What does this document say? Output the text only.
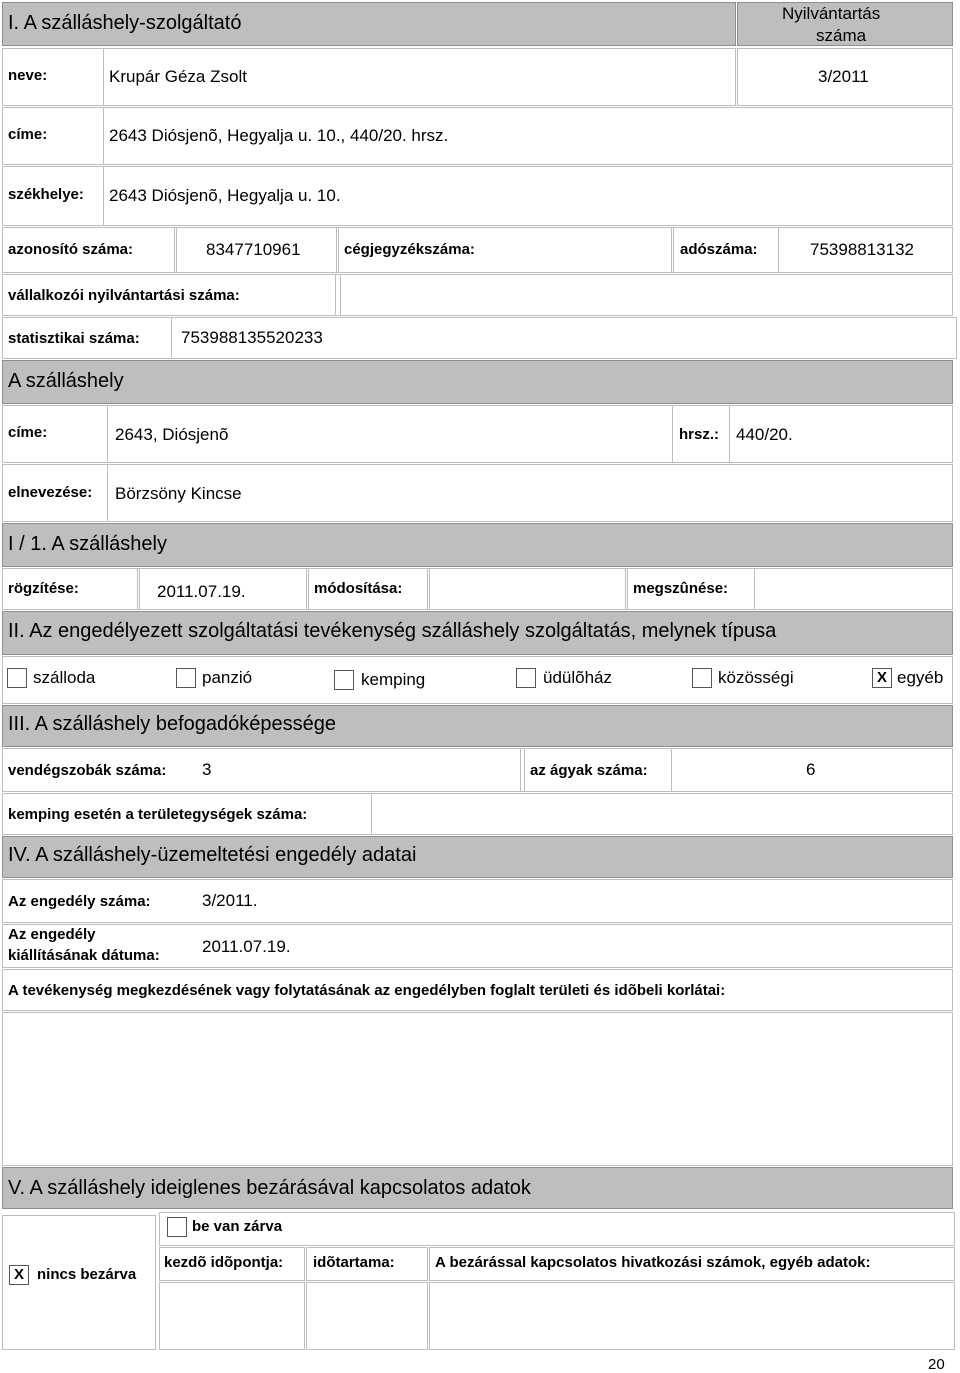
I. A szálláshely-szolgáltató	Nyilvántartás
száma
neve:	Krupár Géza Zsolt	3/2011
címe:	2643 Diósjenõ, Hegyalja u. 10., 440/20. hrsz.
székhelye: 2643 Diósjenõ, Hegyalja u. 10.
azonosító száma:	8347710961	cégjegyzékszáma:	adószáma:	75398813132
vállalkozói nyilvántartási száma:
statisztikai száma: 753988135520233
A szálláshely
címe:	2643, Diósjenõ	hrsz.: 440/20.
elnevezése: Börzsöny Kincse
I / 1. A szálláshely
rögzítése:	2011.07.19.	módosítása:	megszûnése:
II. Az engedélyezett szolgáltatási tevékenység szálláshely szolgáltatás, melynek típusa
szálloda	panzió	kemping	üdülõház	közösségi	X egyéb
III. A szálláshely befogadóképessége
vendégszobák száma: 3	az ágyak száma:	6
kemping esetén a területegységek száma:
IV. A szálláshely-üzemeltetési engedély adatai
Az engedély száma:	3/2011.
Az engedély
kiállításának dátuma: 2011.07.19.
A tevékenység megkezdésének vagy folytatásának az engedélyben foglalt területi és idõbeli korlátai:
V. A szálláshely ideiglenes bezárásával kapcsolatos adatok
X nincs bezárva
be van zárva
kezdõ idõpontja: idõtartama:	A bezárással kapcsolatos hivatkozási számok, egyéb adatok:
20
